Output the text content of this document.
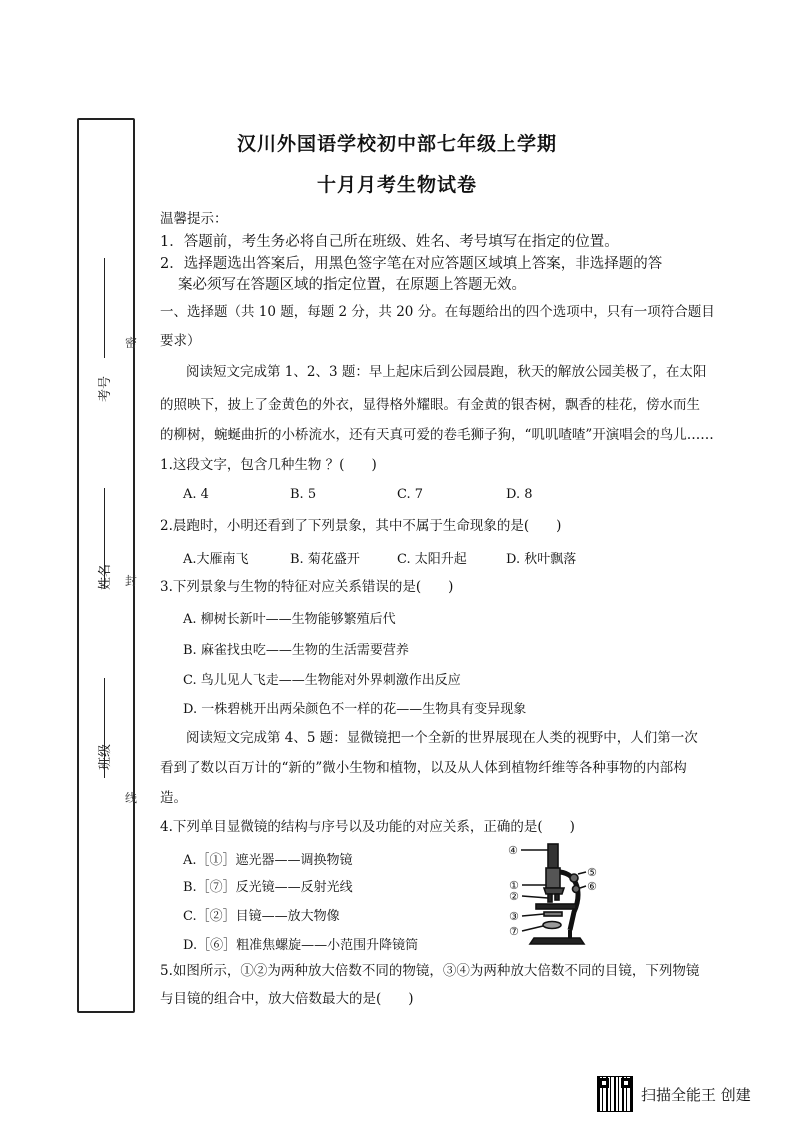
考号
姓名
班级
密
封
线
汉川外国语学校初中部七年级上学期
十月月考生物试卷
温馨提示：
1．答题前，考生务必将自己所在班级、姓名、考号填写在指定的位置。
2．选择题选出答案后，用黑色签字笔在对应答题区域填上答案，非选择题的答
案必须写在答题区域的指定位置，在原题上答题无效。
一、选择题（共 10 题，每题 2 分，共 20 分。在每题给出的四个选项中，只有一项符合题目
要求）
阅读短文完成第 1、2、3 题：早上起床后到公园晨跑，秋天的解放公园美极了，在太阳
的照映下，披上了金黄色的外衣，显得格外耀眼。有金黄的银杏树，飘香的桂花，傍水而生
的柳树，蜿蜒曲折的小桥流水，还有天真可爱的卷毛狮子狗，“叽叽喳喳”开演唱会的鸟儿……
1.这段文字，包含几种生物 ？(　　)
A. 4	B. 5	C. 7	D. 8
2.晨跑时，小明还看到了下列景象，其中不属于生命现象的是(　　)
A.大雁南飞	B. 菊花盛开	C. 太阳升起	D. 秋叶飘落
3.下列景象与生物的特征对应关系错误的是(　　)
A. 柳树长新叶——生物能够繁殖后代
B. 麻雀找虫吃——生物的生活需要营养
C. 鸟儿见人飞走——生物能对外界刺激作出反应
D. 一株碧桃开出两朵颜色不一样的花——生物具有变异现象
阅读短文完成第 4、5 题：显微镜把一个全新的世界展现在人类的视野中，人们第一次
看到了数以百万计的“新的”微小生物和植物，以及从人体到植物纤维等各种事物的内部构
造。
4.下列单目显微镜的结构与序号以及功能的对应关系，正确的是(　　)
A.［①］遮光器——调换物镜
B.［⑦］反光镜——反射光线
C.［②］目镜——放大物像
D.［⑥］粗准焦螺旋——小范围升降镜筒
④
⑤
⑥
①
②
③
⑦
5.如图所示，①②为两种放大倍数不同的物镜，③④为两种放大倍数不同的目镜，下列物镜
与目镜的组合中，放大倍数最大的是(　　)
扫描全能王 创建
